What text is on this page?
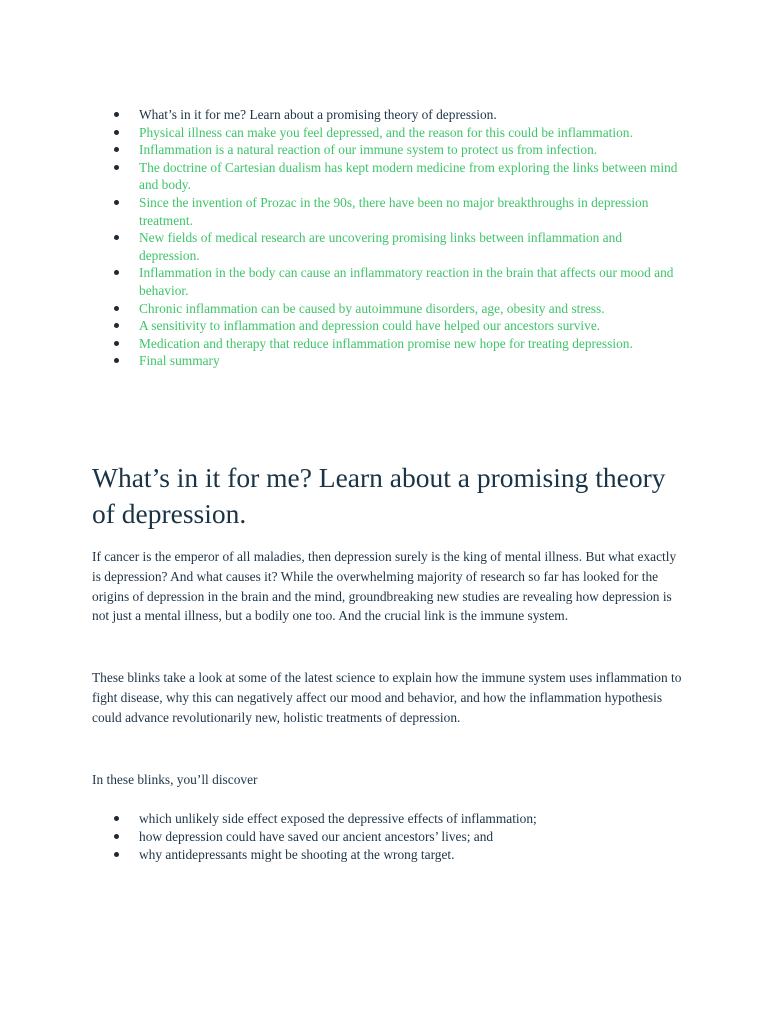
What’s in it for me? Learn about a promising theory of depression.
Physical illness can make you feel depressed, and the reason for this could be inflammation.
Inflammation is a natural reaction of our immune system to protect us from infection.
The doctrine of Cartesian dualism has kept modern medicine from exploring the links between mind and body.
Since the invention of Prozac in the 90s, there have been no major breakthroughs in depression treatment.
New fields of medical research are uncovering promising links between inflammation and depression.
Inflammation in the body can cause an inflammatory reaction in the brain that affects our mood and behavior.
Chronic inflammation can be caused by autoimmune disorders, age, obesity and stress.
A sensitivity to inflammation and depression could have helped our ancestors survive.
Medication and therapy that reduce inflammation promise new hope for treating depression.
Final summary
What’s in it for me? Learn about a promising theory of depression.

If cancer is the emperor of all maladies, then depression surely is the king of mental illness. But what exactly is depression? And what causes it? While the overwhelming majority of research so far has looked for the origins of depression in the brain and the mind, groundbreaking new studies are revealing how depression is not just a mental illness, but a bodily one too. And the crucial link is the immune system.

These blinks take a look at some of the latest science to explain how the immune system uses inflammation to fight disease, why this can negatively affect our mood and behavior, and how the inflammation hypothesis could advance revolutionarily new, holistic treatments of depression.

In these blinks, you’ll discover

which unlikely side effect exposed the depressive effects of inflammation;
how depression could have saved our ancient ancestors’ lives; and
why antidepressants might be shooting at the wrong target.
